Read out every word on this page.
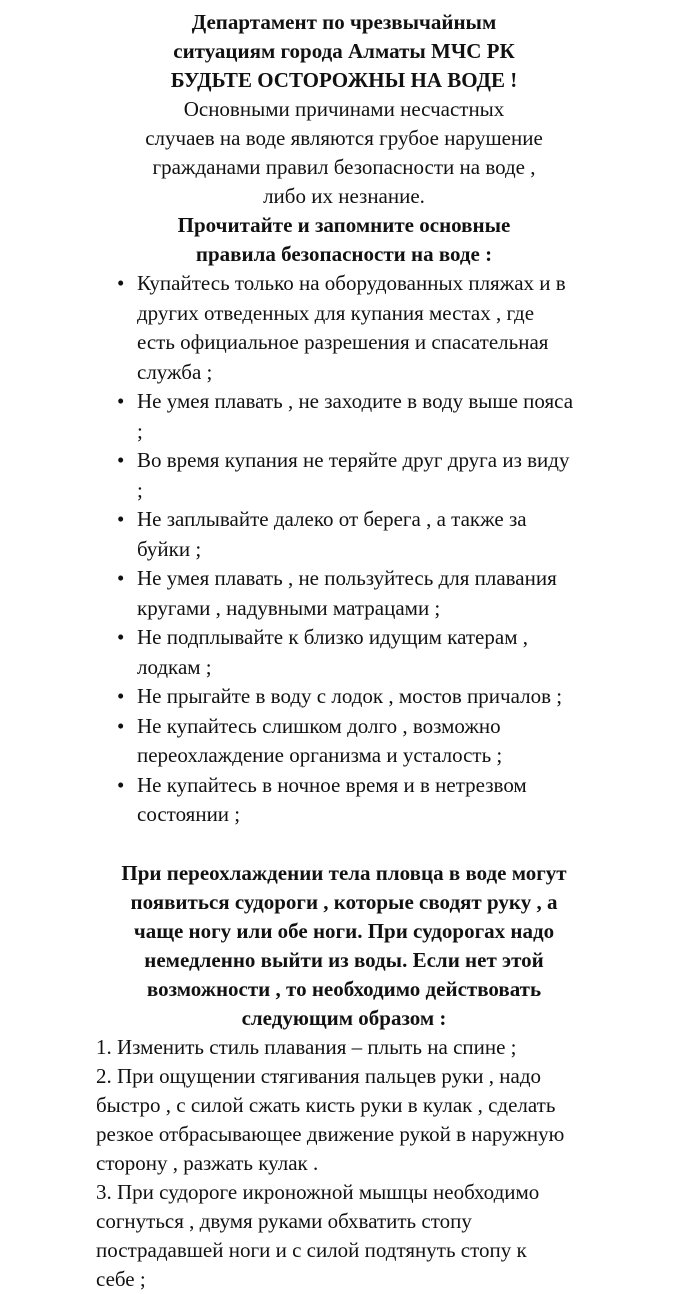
Департамент по чрезвычайным
ситуациям города Алматы МЧС РК
БУДЬТЕ ОСТОРОЖНЫ НА ВОДЕ !
Основными причинами несчастных
случаев на воде являются грубое нарушение
гражданами правил безопасности на воде ,
либо их незнание.
Прочитайте и запомните основные
правила безопасности на воде :
• Купайтесь только на оборудованных пляжах и в
других отведенных для купания местах , где
есть официальное разрешения и спасательная
служба ;
• Не умея плавать , не заходите в воду выше пояса
;
• Во время купания не теряйте друг друга из виду
;
• Не заплывайте далеко от берега , а также за
буйки ;
• Не умея плавать , не пользуйтесь для плавания
кругами , надувными матрацами ;
• Не подплывайте к близко идущим катерам ,
лодкам ;
• Не прыгайте в воду с лодок , мостов причалов ;
• Не купайтесь слишком долго , возможно
переохлаждение организма и усталость ;
• Не купайтесь в ночное время и в нетрезвом
состоянии ;
При переохлаждении тела пловца в воде могут
появиться судороги , которые сводят руку , а
чаще ногу или обе ноги. При судорогах надо
немедленно выйти из воды. Если нет этой
возможности , то необходимо действовать
следующим образом :
1. Изменить стиль плавания – плыть на спине ;
2. При ощущении стягивания пальцев руки , надо
быстро , с силой сжать кисть руки в кулак , сделать
резкое отбрасывающее движение рукой в наружную
сторону , разжать кулак .
3. При судороге икроножной мышцы необходимо
согнуться , двумя руками обхватить стопу
пострадавшей ноги и с силой подтянуть стопу к
себе ;
